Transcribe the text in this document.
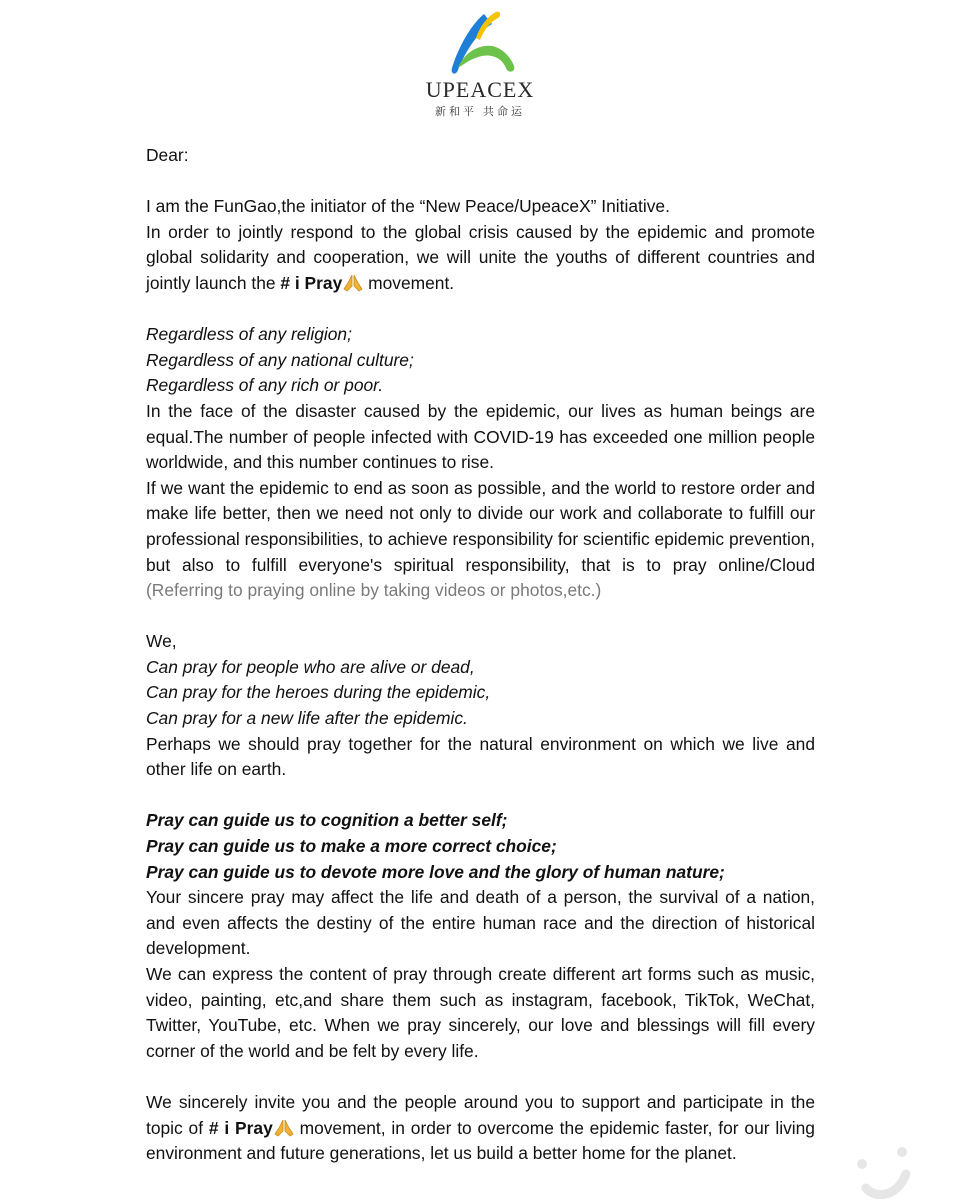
UPEACEX
新和平 共命运

Dear:

I am the FunGao,the initiator of the “New Peace/UpeaceX” Initiative.

In order to jointly respond to the global crisis caused by the epidemic and promote global solidarity and cooperation, we will unite the youths of different countries and jointly launch the # i Pray movement.

Regardless of any religion;

Regardless of any national culture;

Regardless of any rich or poor.

In the face of the disaster caused by the epidemic, our lives as human beings are equal.The number of people infected with COVID-19 has exceeded one million people worldwide, and this number continues to rise.

If we want the epidemic to end as soon as possible, and the world to restore order and make life better, then we need not only to divide our work and collaborate to fulfill our professional responsibilities, to achieve responsibility for scientific epidemic prevention, but also to fulfill everyone's spiritual responsibility, that is to pray online/Cloud (Referring to praying online by taking videos or photos,etc.)

We,

Can pray for people who are alive or dead,

Can pray for the heroes during the epidemic,

Can pray for a new life after the epidemic.

Perhaps we should pray together for the natural environment on which we live and other life on earth.

Pray can guide us to cognition a better self;

Pray can guide us to make a more correct choice;

Pray can guide us to devote more love and the glory of human nature;

Your sincere pray may affect the life and death of a person, the survival of a nation, and even affects the destiny of the entire human race and the direction of historical development.

We can express the content of pray through create different art forms such as music, video, painting, etc,and share them such as instagram, facebook, TikTok, WeChat, Twitter, YouTube, etc. When we pray sincerely, our love and blessings will fill every corner of the world and be felt by every life.

We sincerely invite you and the people around you to support and participate in the topic of # i Pray movement, in order to overcome the epidemic faster, for our living environment and future generations, let us build a better home for the planet.
